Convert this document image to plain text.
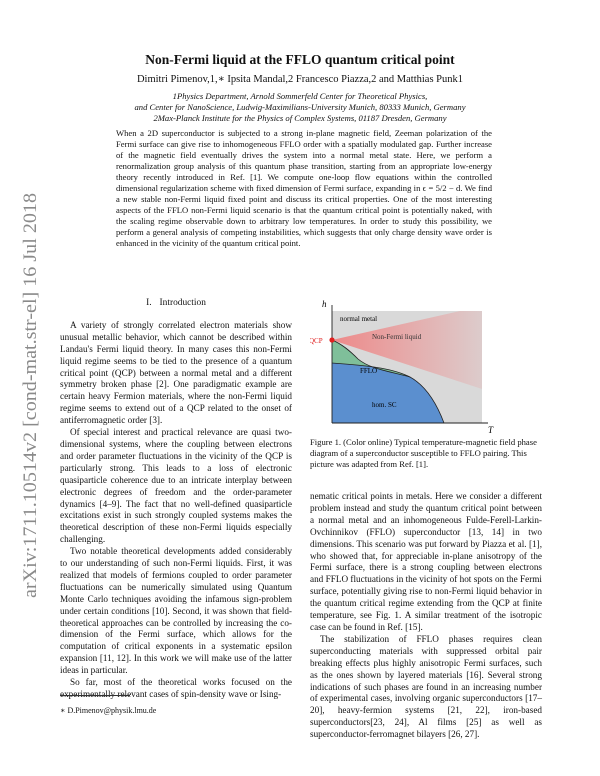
arXiv:1711.10514v2 [cond-mat.str-el] 16 Jul 2018
Non-Fermi liquid at the FFLO quantum critical point
Dimitri Pimenov,1,∗ Ipsita Mandal,2 Francesco Piazza,2 and Matthias Punk1
1Physics Department, Arnold Sommerfeld Center for Theoretical Physics,
and Center for NanoScience, Ludwig-Maximilians-University Munich, 80333 Munich, Germany
2Max-Planck Institute for the Physics of Complex Systems, 01187 Dresden, Germany
When a 2D superconductor is subjected to a strong in-plane magnetic field, Zeeman polarization of the Fermi surface can give rise to inhomogeneous FFLO order with a spatially modulated gap. Further increase of the magnetic field eventually drives the system into a normal metal state. Here, we perform a renormalization group analysis of this quantum phase transition, starting from an appropriate low-energy theory recently introduced in Ref. [1]. We compute one-loop flow equations within the controlled dimensional regularization scheme with fixed dimension of Fermi surface, expanding in ϵ = 5/2 − d. We find a new stable non-Fermi liquid fixed point and discuss its critical properties. One of the most interesting aspects of the FFLO non-Fermi liquid scenario is that the quantum critical point is potentially naked, with the scaling regime observable down to arbitrary low temperatures. In order to study this possibility, we perform a general analysis of competing instabilities, which suggests that only charge density wave order is enhanced in the vicinity of the quantum critical point.
I. Introduction

A variety of strongly correlated electron materials show unusual metallic behavior, which cannot be described within Landau's Fermi liquid theory. In many cases this non-Fermi liquid regime seems to be tied to the presence of a quantum critical point (QCP) between a normal metal and a different symmetry broken phase [2]. One paradigmatic example are certain heavy Fermion materials, where the non-Fermi liquid regime seems to extend out of a QCP related to the onset of antiferromagnetic order [3].

Of special interest and practical relevance are quasi two-dimensional systems, where the coupling between electrons and order parameter fluctuations in the vicinity of the QCP is particularly strong. This leads to a loss of electronic quasiparticle coherence due to an intricate interplay between electronic degrees of freedom and the order-parameter dynamics [4–9]. The fact that no well-defined quasiparticle excitations exist in such strongly coupled systems makes the theoretical description of these non-Fermi liquids especially challenging.

Two notable theoretical developments added considerably to our understanding of such non-Fermi liquids. First, it was realized that models of fermions coupled to order parameter fluctuations can be numerically simulated using Quantum Monte Carlo techniques avoiding the infamous sign-problem under certain conditions [10]. Second, it was shown that field-theoretical approaches can be controlled by increasing the co-dimension of the Fermi surface, which allows for the computation of critical exponents in a systematic epsilon expansion [11, 12]. In this work we will make use of the latter ideas in particular.

So far, most of the theoretical works focused on the experimentally relevant cases of spin-density wave or Ising-

h
T
normal metal
QCP	Non-Fermi liquid
FFLO
hom. SC
Figure 1. (Color online) Typical temperature-magnetic field phase diagram of a superconductor susceptible to FFLO pairing. This picture was adapted from Ref. [1].

nematic critical points in metals. Here we consider a different problem instead and study the quantum critical point between a normal metal and an inhomogeneous Fulde-Ferell-Larkin-Ovchinnikov (FFLO) superconductor [13, 14] in two dimensions. This scenario was put forward by Piazza et al. [1], who showed that, for appreciable in-plane anisotropy of the Fermi surface, there is a strong coupling between electrons and FFLO fluctuations in the vicinity of hot spots on the Fermi surface, potentially giving rise to non-Fermi liquid behavior in the quantum critical regime extending from the QCP at finite temperature, see Fig. 1. A similar treatment of the isotropic case can be found in Ref. [15].

The stabilization of FFLO phases requires clean superconducting materials with suppressed orbital pair breaking effects plus highly anisotropic Fermi surfaces, such as the ones shown by layered materials [16]. Several strong indications of such phases are found in an increasing number of experimental cases, involving organic superconductors [17–20], heavy-fermion systems [21, 22], iron-based superconductors[23, 24], Al films [25] as well as superconductor-ferromagnet bilayers [26, 27].

∗ D.Pimenov@physik.lmu.de
